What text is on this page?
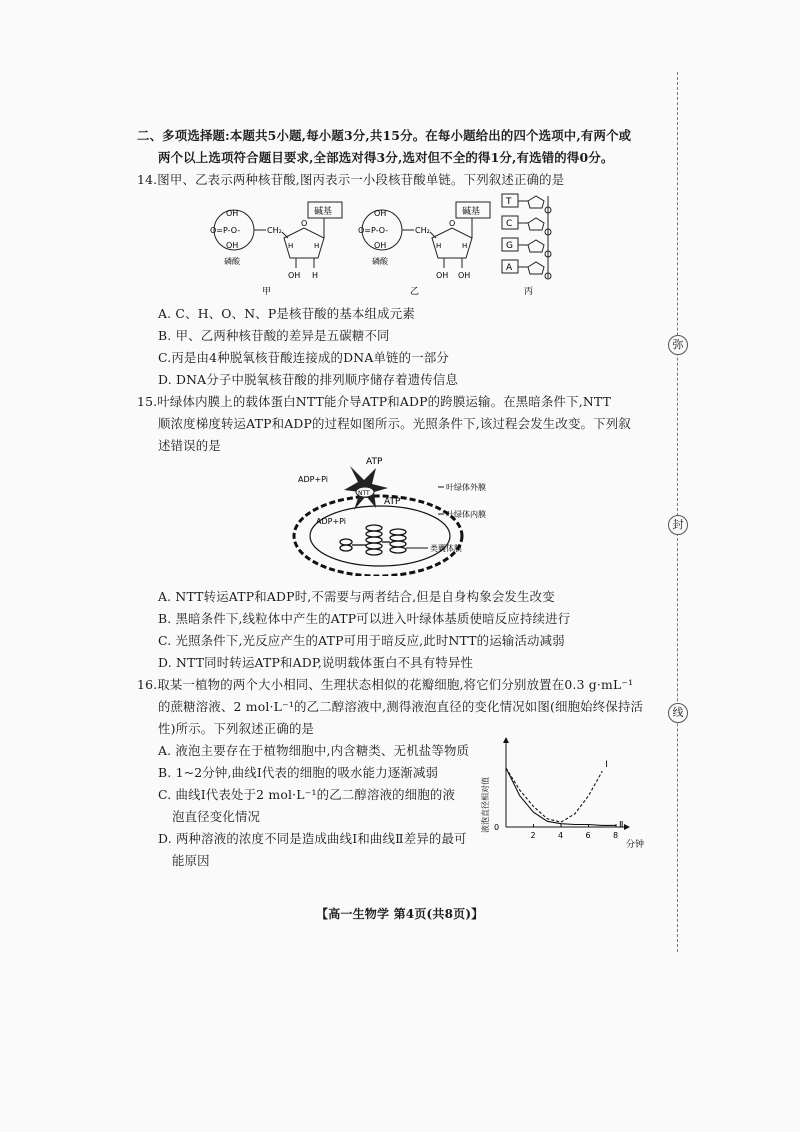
弥
封
线
二、多项选择题:本题共5小题,每小题3分,共15分。在每小题给出的四个选项中,有两个或
两个以上选项符合题目要求,全部选对得3分,选对但不全的得1分,有选错的得0分。
14.图甲、乙表示两种核苷酸,图丙表示一小段核苷酸单链。下列叙述正确的是
OH
O=P-O-
OH
CH₂
O
碱基
H	H
OH H
磷酸
甲
OH
O=P-O-
OH
CH₂
O
碱基
H	H
OH OH
磷酸
乙
T
C
G
A
丙
A. C、H、O、N、P是核苷酸的基本组成元素
B. 甲、乙两种核苷酸的差异是五碳糖不同
C.丙是由4种脱氧核苷酸连接成的DNA单链的一部分
D. DNA分子中脱氧核苷酸的排列顺序储存着遗传信息
15.叶绿体内膜上的载体蛋白NTT能介导ATP和ADP的跨膜运输。在黑暗条件下,NTT
顺浓度梯度转运ATP和ADP的过程如图所示。光照条件下,该过程会发生改变。下列叙
述错误的是
NTT
ATP
ADP+Pi
ATP
ADP+Pi
叶绿体外膜
叶绿体内膜
类囊体膜
A. NTT转运ATP和ADP时,不需要与两者结合,但是自身构象会发生改变
B. 黑暗条件下,线粒体中产生的ATP可以进入叶绿体基质使暗反应持续进行
C. 光照条件下,光反应产生的ATP可用于暗反应,此时NTT的运输活动减弱
D. NTT同时转运ATP和ADP,说明载体蛋白不具有特异性
16.取某一植物的两个大小相同、生理状态相似的花瓣细胞,将它们分别放置在0.3 g·mL⁻¹
的蔗糖溶液、2 mol·L⁻¹的乙二醇溶液中,测得液泡直径的变化情况如图(细胞始终保持活
性)所示。下列叙述正确的是
A. 液泡主要存在于植物细胞中,内含糖类、无机盐等物质
B. 1~2分钟,曲线Ⅰ代表的细胞的吸水能力逐渐减弱
C. 曲线Ⅰ代表处于2 mol·L⁻¹的乙二醇溶液的细胞的液
泡直径变化情况
D. 两种溶液的浓度不同是造成曲线Ⅰ和曲线Ⅱ差异的最可
能原因
液泡直径相对值 0
分钟
2	4	6	8
Ⅰ
Ⅱ
【高一生物学 第4页(共8页)】
